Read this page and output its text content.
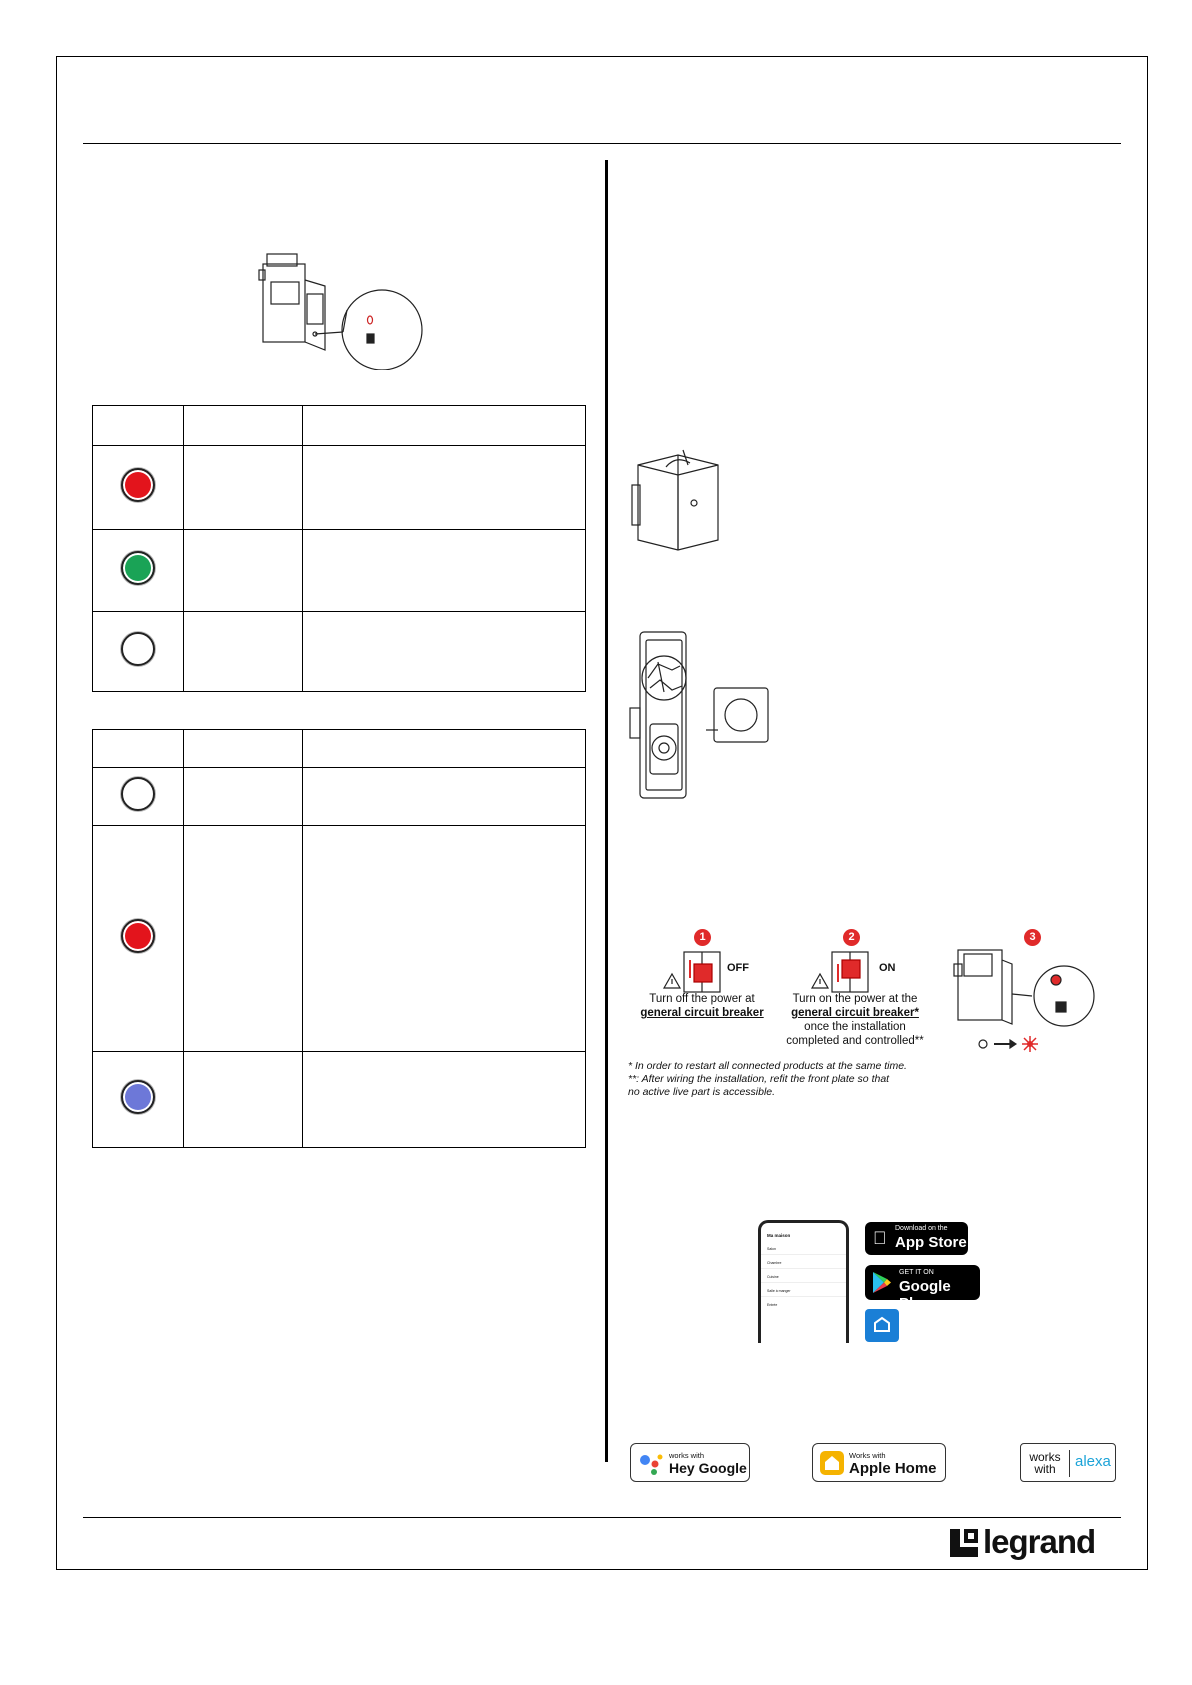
1	2	3
OFF	ON
Turn off the power at
general circuit breaker
Turn on the power at the
general circuit breaker*
once the installation completed and controlled**
* In order to restart all connected products at the same time.
**: After wiring the installation, refit the front plate so that
no active live part is accessible.
Ma maison
Salon
Chambre
Cuisine
Salle à manger
Entrée
Download on the
App Store
GET IT ON
Google Play
works with
Hey Google
Works with
Apple Home
works with	alexa
legrand
